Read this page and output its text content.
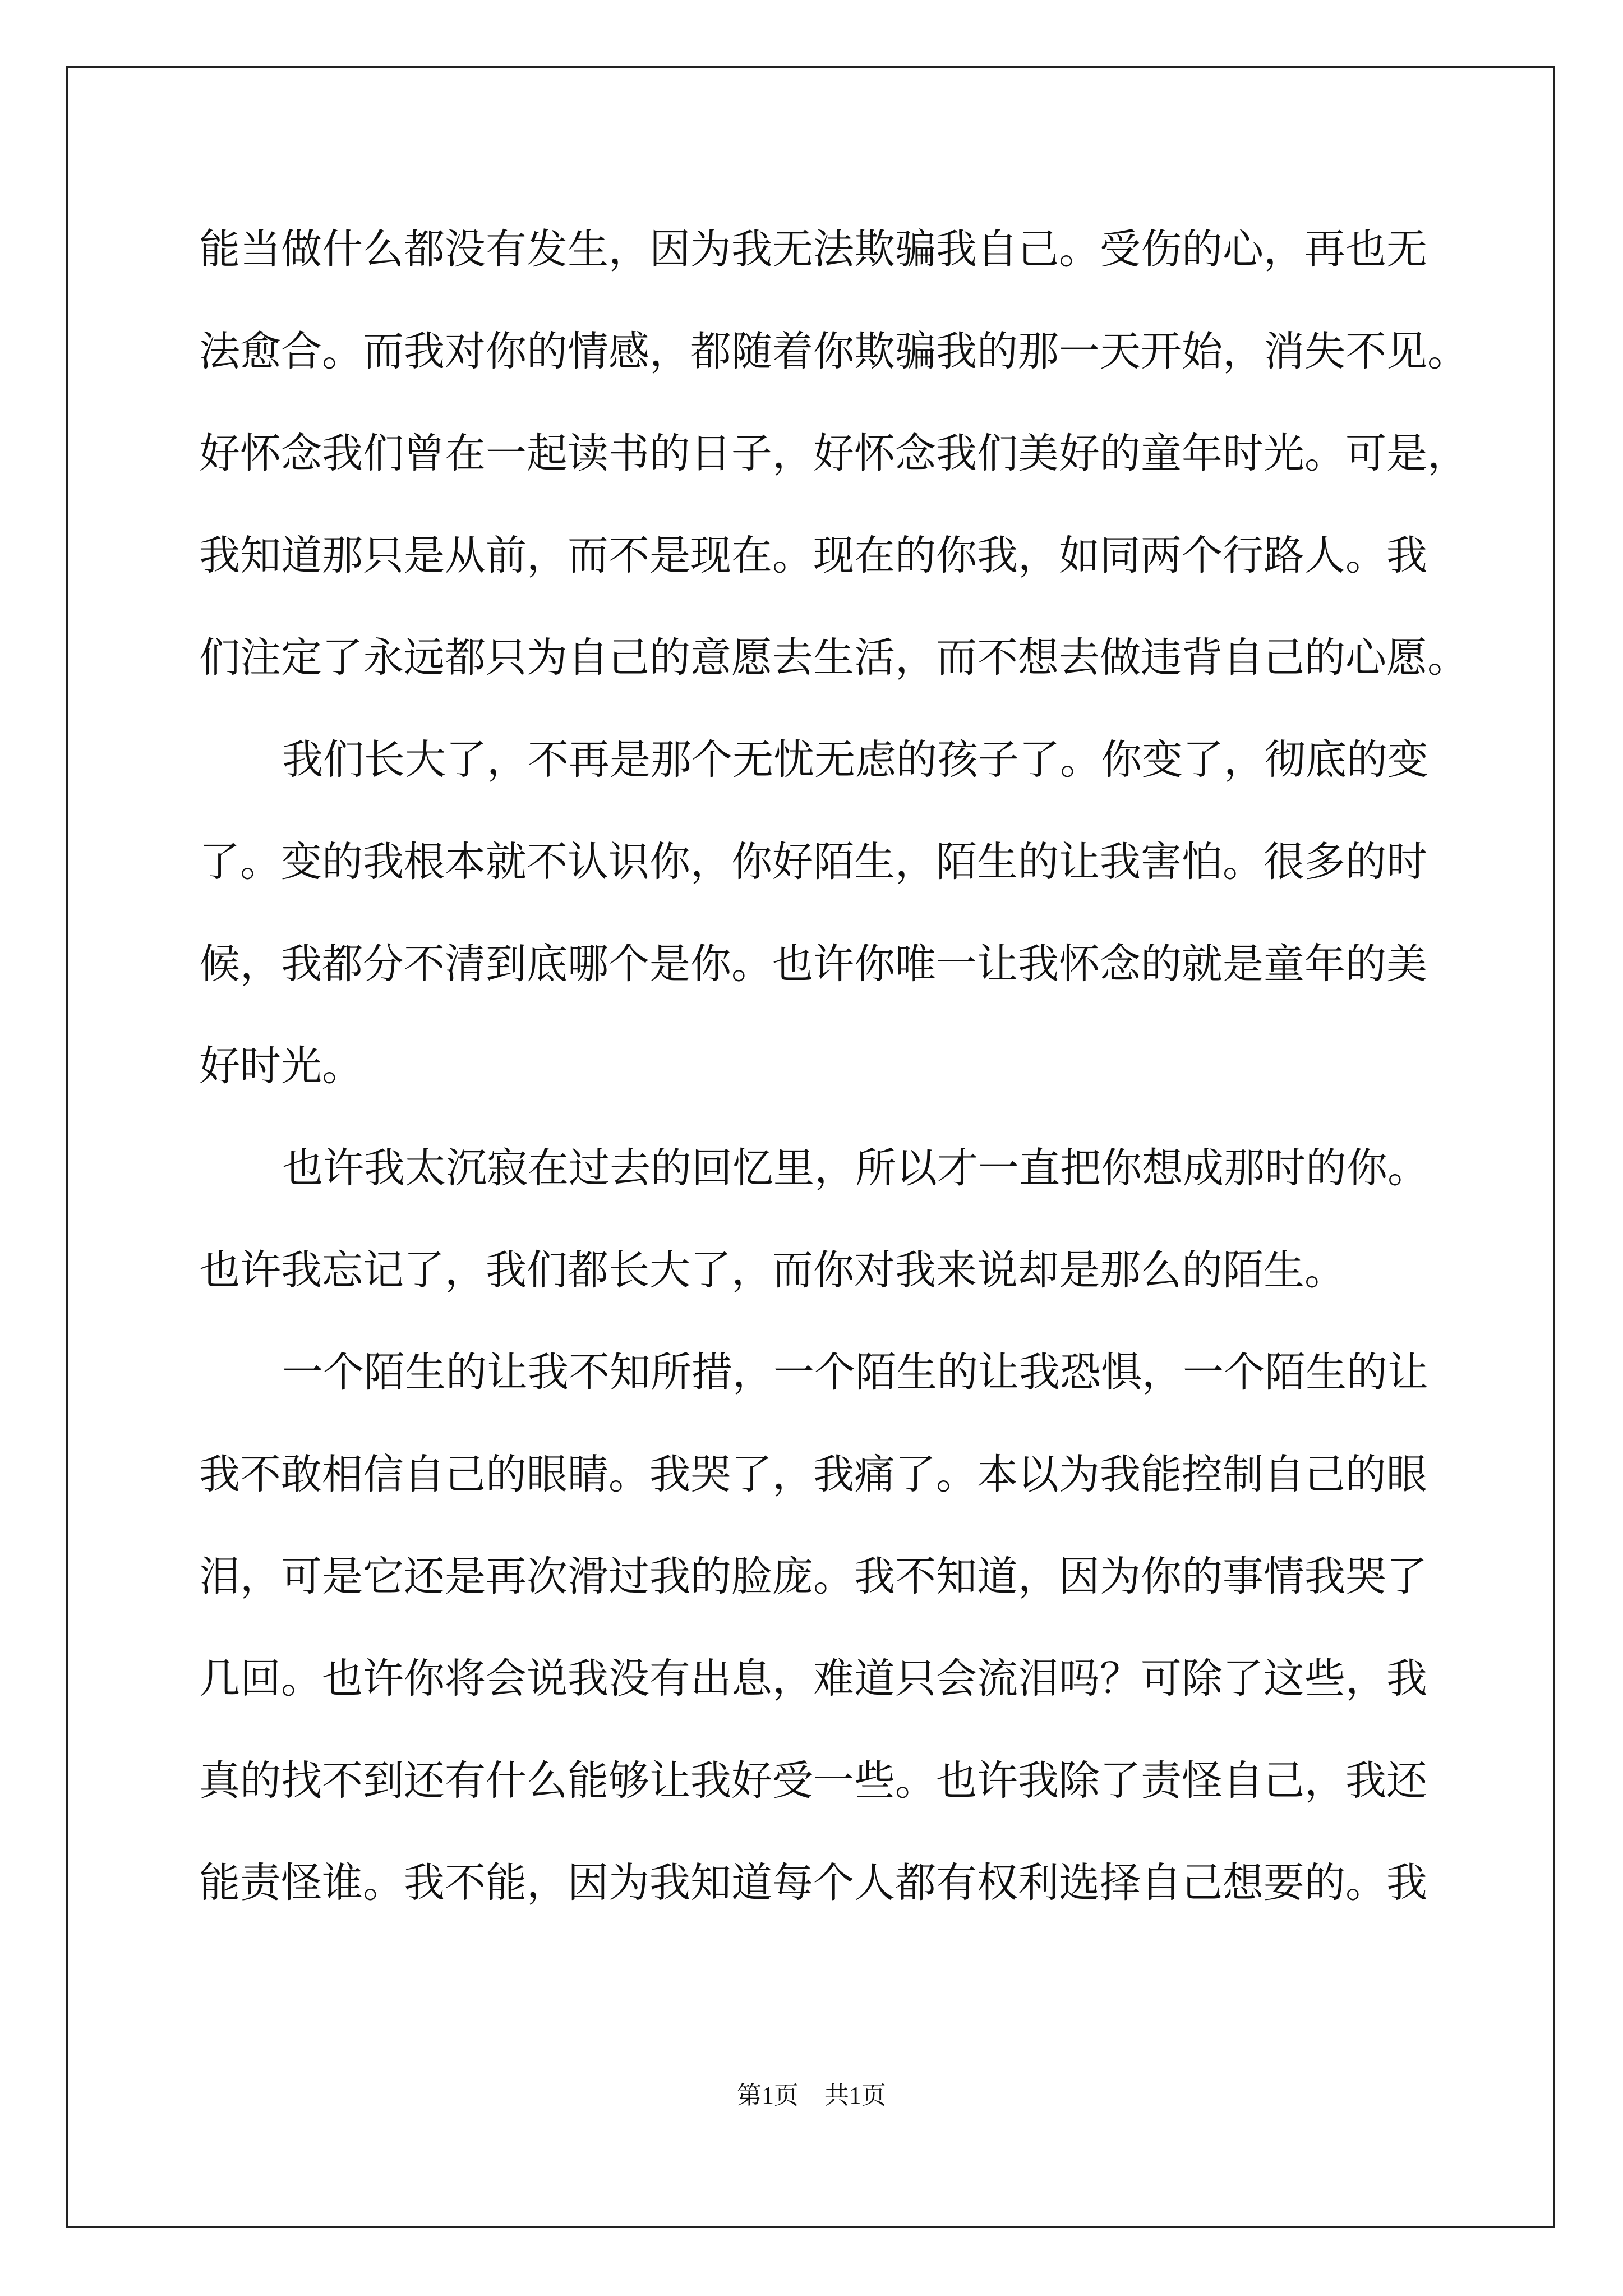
能当做什么都没有发生，因为我无法欺骗我自己。受伤的心，再也无
法愈合。而我对你的情感，都随着你欺骗我的那一天开始，消失不见。
好怀念我们曾在一起读书的日子，好怀念我们美好的童年时光。可是，
我知道那只是从前，而不是现在。现在的你我，如同两个行路人。我
们注定了永远都只为自己的意愿去生活，而不想去做违背自己的心愿。
我们长大了，不再是那个无忧无虑的孩子了。你变了，彻底的变
了。变的我根本就不认识你，你好陌生，陌生的让我害怕。很多的时
候，我都分不清到底哪个是你。也许你唯一让我怀念的就是童年的美
好时光。
也许我太沉寂在过去的回忆里，所以才一直把你想成那时的你。
也许我忘记了，我们都长大了，而你对我来说却是那么的陌生。
一个陌生的让我不知所措，一个陌生的让我恐惧，一个陌生的让
我不敢相信自己的眼睛。我哭了，我痛了。本以为我能控制自己的眼
泪，可是它还是再次滑过我的脸庞。我不知道，因为你的事情我哭了
几回。也许你将会说我没有出息，难道只会流泪吗？可除了这些，我
真的找不到还有什么能够让我好受一些。也许我除了责怪自己，我还
能责怪谁。我不能，因为我知道每个人都有权利选择自己想要的。我
第1页 共1页
